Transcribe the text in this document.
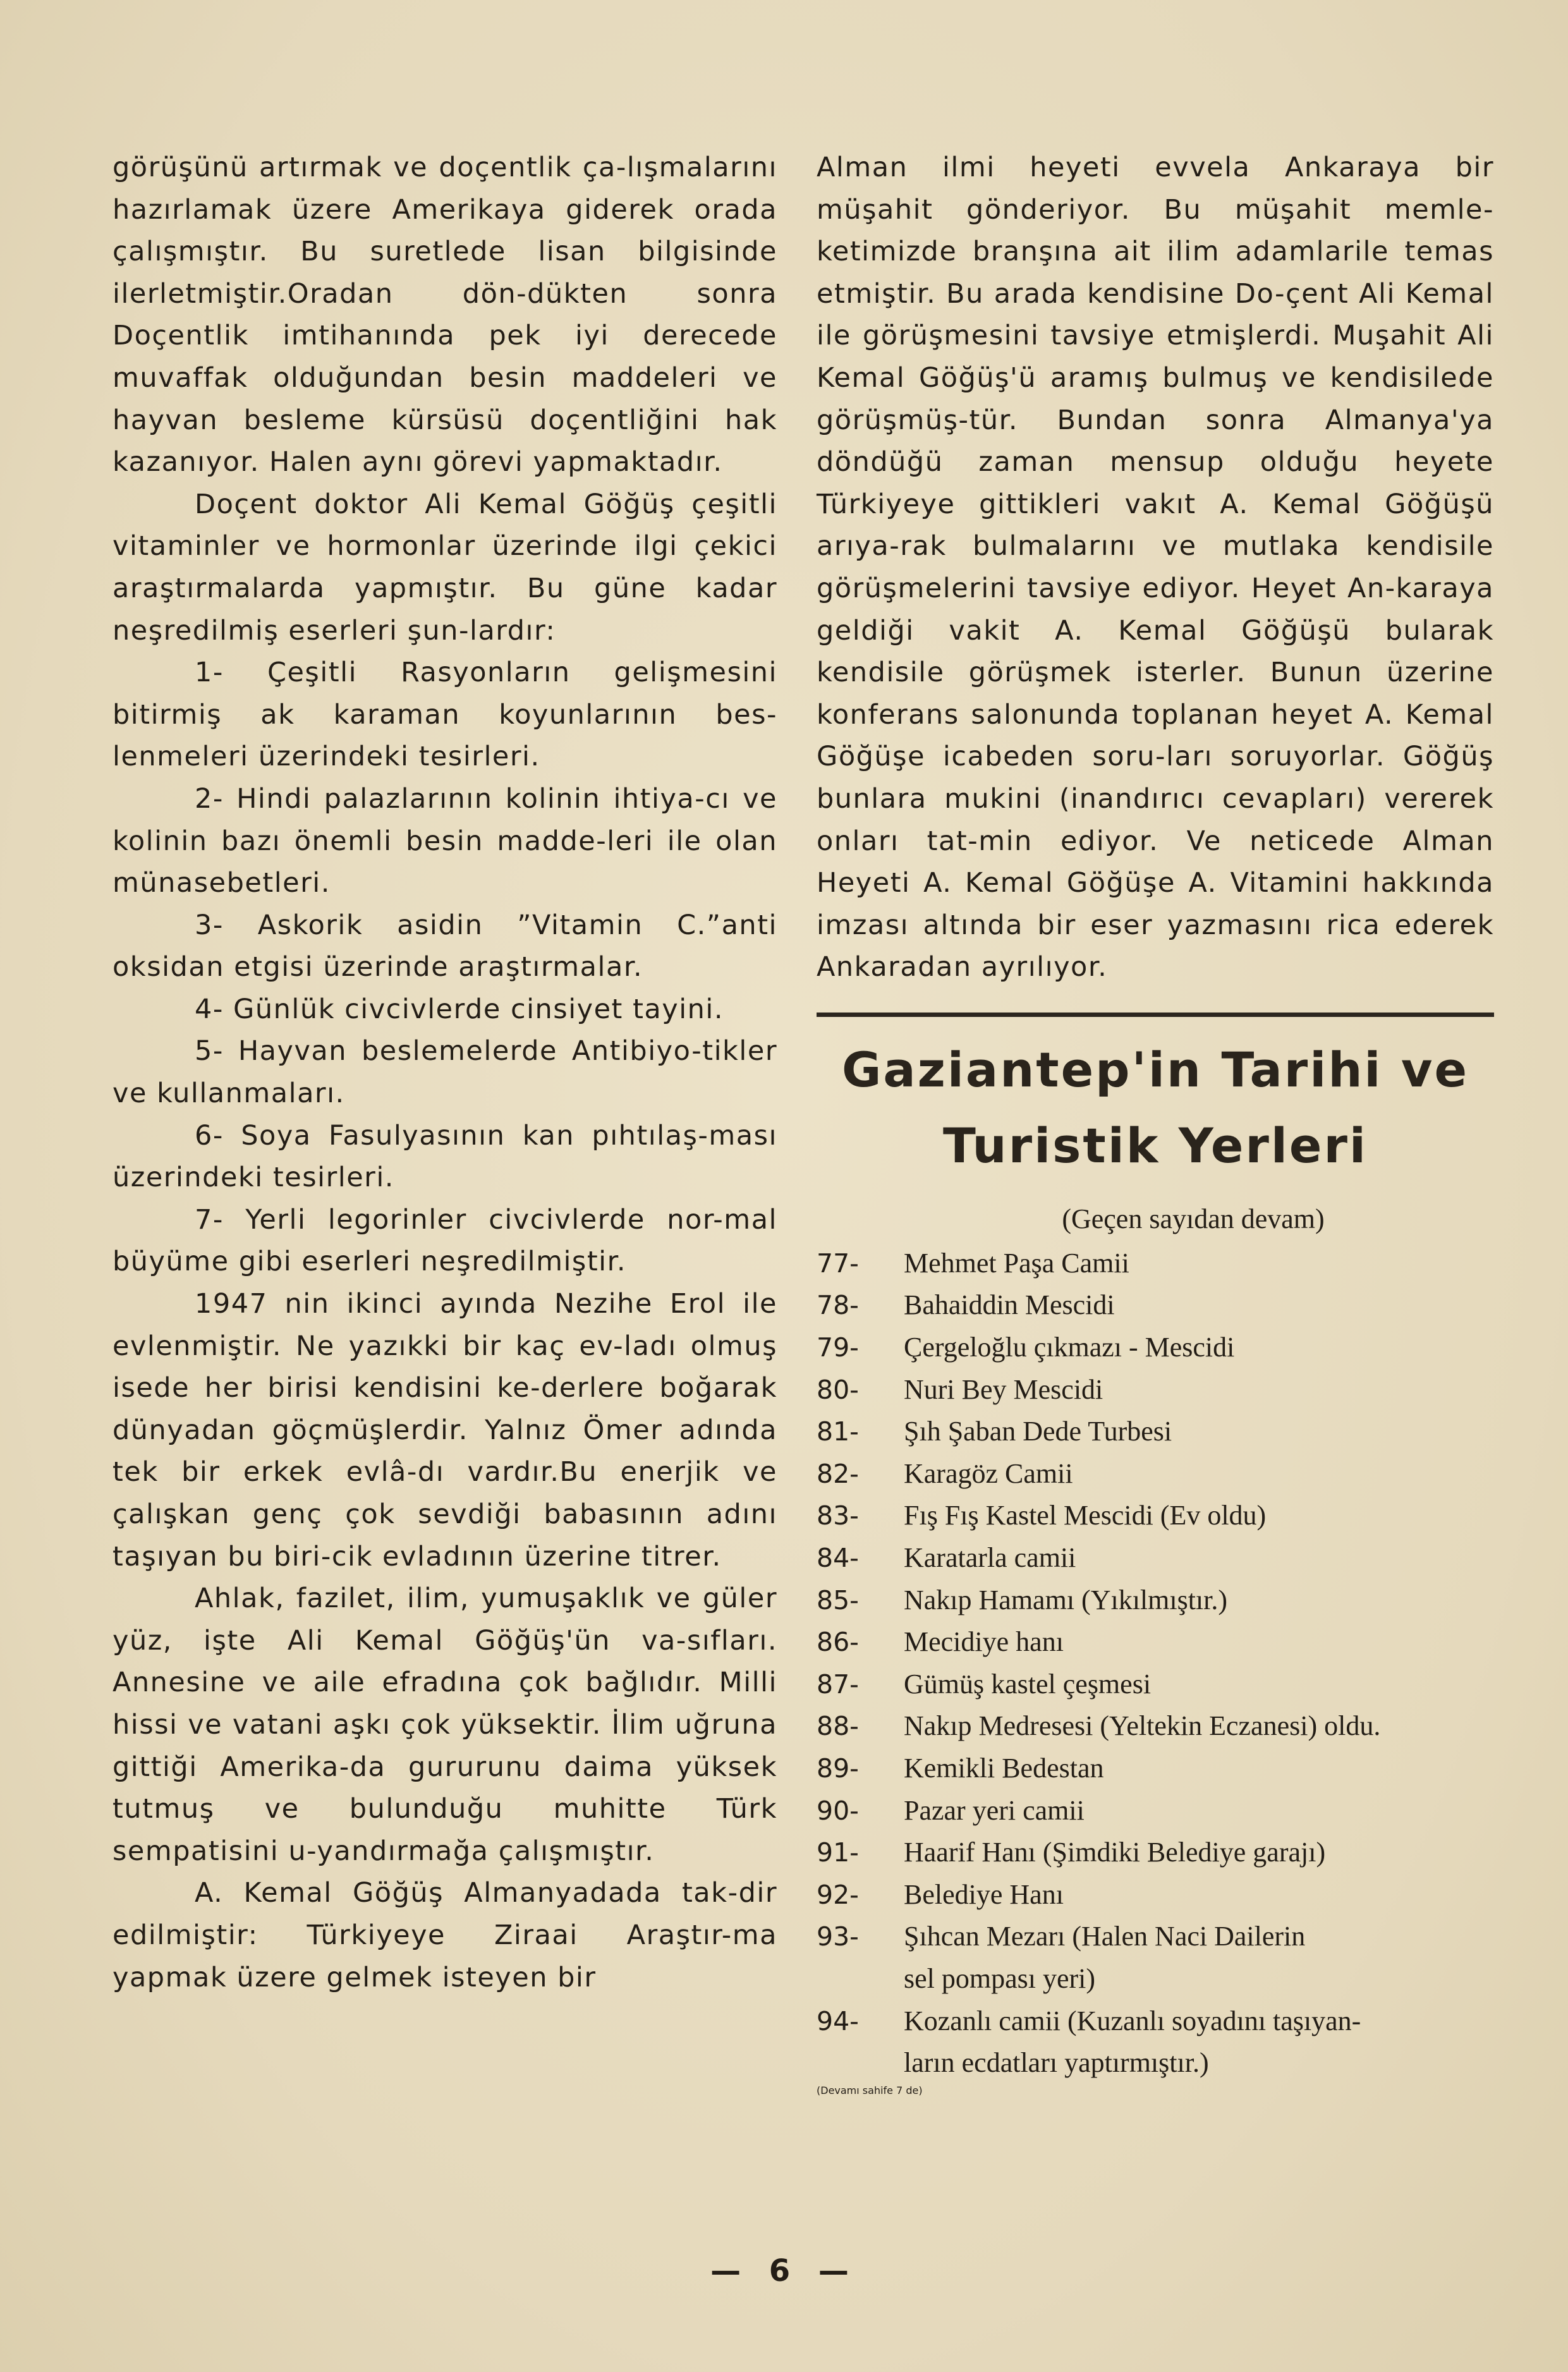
görüşünü artırmak ve doçentlik ça-lışmalarını hazırlamak üzere Amerikaya giderek orada çalışmıştır. Bu suretlede lisan bilgisinde ilerletmiştir.Oradan dön-dükten sonra Doçentlik imtihanında pek iyi derecede muvaffak olduğundan besin maddeleri ve hayvan besleme kürsüsü doçentliğini hak kazanıyor. Halen aynı görevi yapmaktadır.

Doçent doktor Ali Kemal Göğüş çeşitli vitaminler ve hormonlar üzerinde ilgi çekici araştırmalarda yapmıştır. Bu güne kadar neşredilmiş eserleri şun-lardır:

1- Çeşitli Rasyonların gelişmesini bitirmiş ak karaman koyunlarının bes-lenmeleri üzerindeki tesirleri.

2- Hindi palazlarının kolinin ihtiya-cı ve kolinin bazı önemli besin madde-leri ile olan münasebetleri.

3- Askorik asidin ”Vitamin C.”anti oksidan etgisi üzerinde araştırmalar.

4- Günlük civcivlerde cinsiyet tayini.

5- Hayvan beslemelerde Antibiyo-tikler ve kullanmaları.

6- Soya Fasulyasının kan pıhtılaş-ması üzerindeki tesirleri.

7- Yerli legorinler civcivlerde nor-mal büyüme gibi eserleri neşredilmiştir.

1947 nin ikinci ayında Nezihe Erol ile evlenmiştir. Ne yazıkki bir kaç ev-ladı olmuş isede her birisi kendisini ke-derlere boğarak dünyadan göçmüşlerdir. Yalnız Ömer adında tek bir erkek evlâ-dı vardır.Bu enerjik ve çalışkan genç çok sevdiği babasının adını taşıyan bu biri-cik evladının üzerine titrer.

Ahlak, fazilet, ilim, yumuşaklık ve güler yüz, işte Ali Kemal Göğüş'ün va-sıfları. Annesine ve aile efradına çok bağlıdır. Milli hissi ve vatani aşkı çok yüksektir. İlim uğruna gittiği Amerika-da gururunu daima yüksek tutmuş ve bulunduğu muhitte Türk sempatisini u-yandırmağa çalışmıştır.

A. Kemal Göğüş Almanyadada tak-dir edilmiştir: Türkiyeye Ziraai Araştır-ma yapmak üzere gelmek isteyen bir

Alman ilmi heyeti evvela Ankaraya bir müşahit gönderiyor. Bu müşahit memle-ketimizde branşına ait ilim adamlarile temas etmiştir. Bu arada kendisine Do-çent Ali Kemal ile görüşmesini tavsiye etmişlerdi. Muşahit Ali Kemal Göğüş'ü aramış bulmuş ve kendisilede görüşmüş-tür. Bundan sonra Almanya'ya döndüğü zaman mensup olduğu heyete Türkiyeye gittikleri vakıt A. Kemal Göğüşü arıya-rak bulmalarını ve mutlaka kendisile görüşmelerini tavsiye ediyor. Heyet An-karaya geldiği vakit A. Kemal Göğüşü bularak kendisile görüşmek isterler. Bunun üzerine konferans salonunda toplanan heyet A. Kemal Göğüşe icabeden soru-ları soruyorlar. Göğüş bunlara mukini (inandırıcı cevapları) vererek onları tat-min ediyor. Ve neticede Alman Heyeti A. Kemal Göğüşe A. Vitamini hakkında imzası altında bir eser yazmasını rica ederek Ankaradan ayrılıyor.

Gaziantep'in Tarihi ve
Turistik Yerleri

(Geçen sayıdan devam)

77-	Mehmet Paşa Camii
78-	Bahaiddin Mescidi
79-	Çergeloğlu çıkmazı - Mescidi
80-	Nuri Bey Mescidi
81-	Şıh Şaban Dede Turbesi
82-	Karagöz Camii
83-	Fış Fış Kastel Mescidi (Ev oldu)
84-	Karatarla camii
85-	Nakıp Hamamı (Yıkılmıştır.)
86-	Mecidiye hanı
87-	Gümüş kastel çeşmesi
88-	Nakıp Medresesi (Yeltekin Eczanesi) oldu.
89-	Kemikli Bedestan
90-	Pazar yeri camii
91-	Haarif Hanı (Şimdiki Belediye garajı)
92-	Belediye Hanı
93-	Şıhcan Mezarı (Halen Naci Dailerin
sel pompası yeri)
94-	Kozanlı camii (Kuzanlı soyadını taşıyan-
ların ecdatları yaptırmıştır.)
(Devamı sahife 7 de)
— 6 —
